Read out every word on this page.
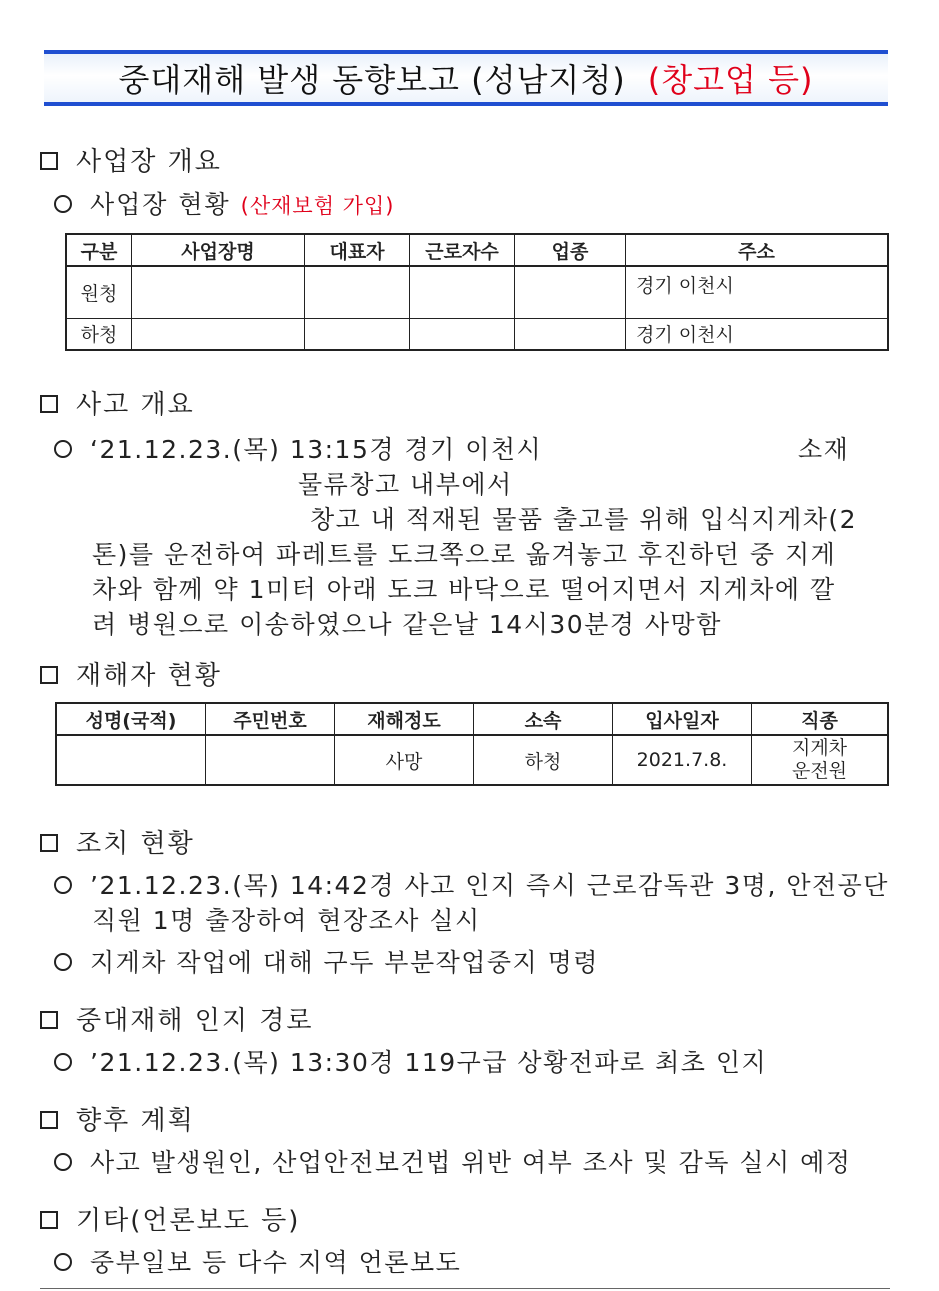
중대재해 발생 동향보고 (성남지청) (창고업 등)
사업장 개요
사업장 현황 (산재보험 가입)
구분	사업장명	대표자	근로자수	업종	주소
원청					경기 이천시
하청					경기 이천시
사고 개요
‘21.12.23.(목) 13:15경 경기 이천시	소재
물류창고 내부에서
창고 내 적재된 물품 출고를 위해 입식지게차(2
톤)를 운전하여 파레트를 도크쪽으로 옮겨놓고 후진하던 중 지게
차와 함께 약 1미터 아래 도크 바닥으로 떨어지면서 지게차에 깔
려 병원으로 이송하였으나 같은날 14시30분경 사망함
재해자 현황
성명(국적)	주민번호	재해정도	소속	입사일자	직종
		사망	하청	2021.7.8.	지게차
운전원
조치 현황
’21.12.23.(목) 14:42경 사고 인지 즉시 근로감독관 3명, 안전공단
직원 1명 출장하여 현장조사 실시
지게차 작업에 대해 구두 부분작업중지 명령
중대재해 인지 경로
’21.12.23.(목) 13:30경 119구급 상황전파로 최초 인지
향후 계획
사고 발생원인, 산업안전보건법 위반 여부 조사 및 감독 실시 예정
기타(언론보도 등)
중부일보 등 다수 지역 언론보도
